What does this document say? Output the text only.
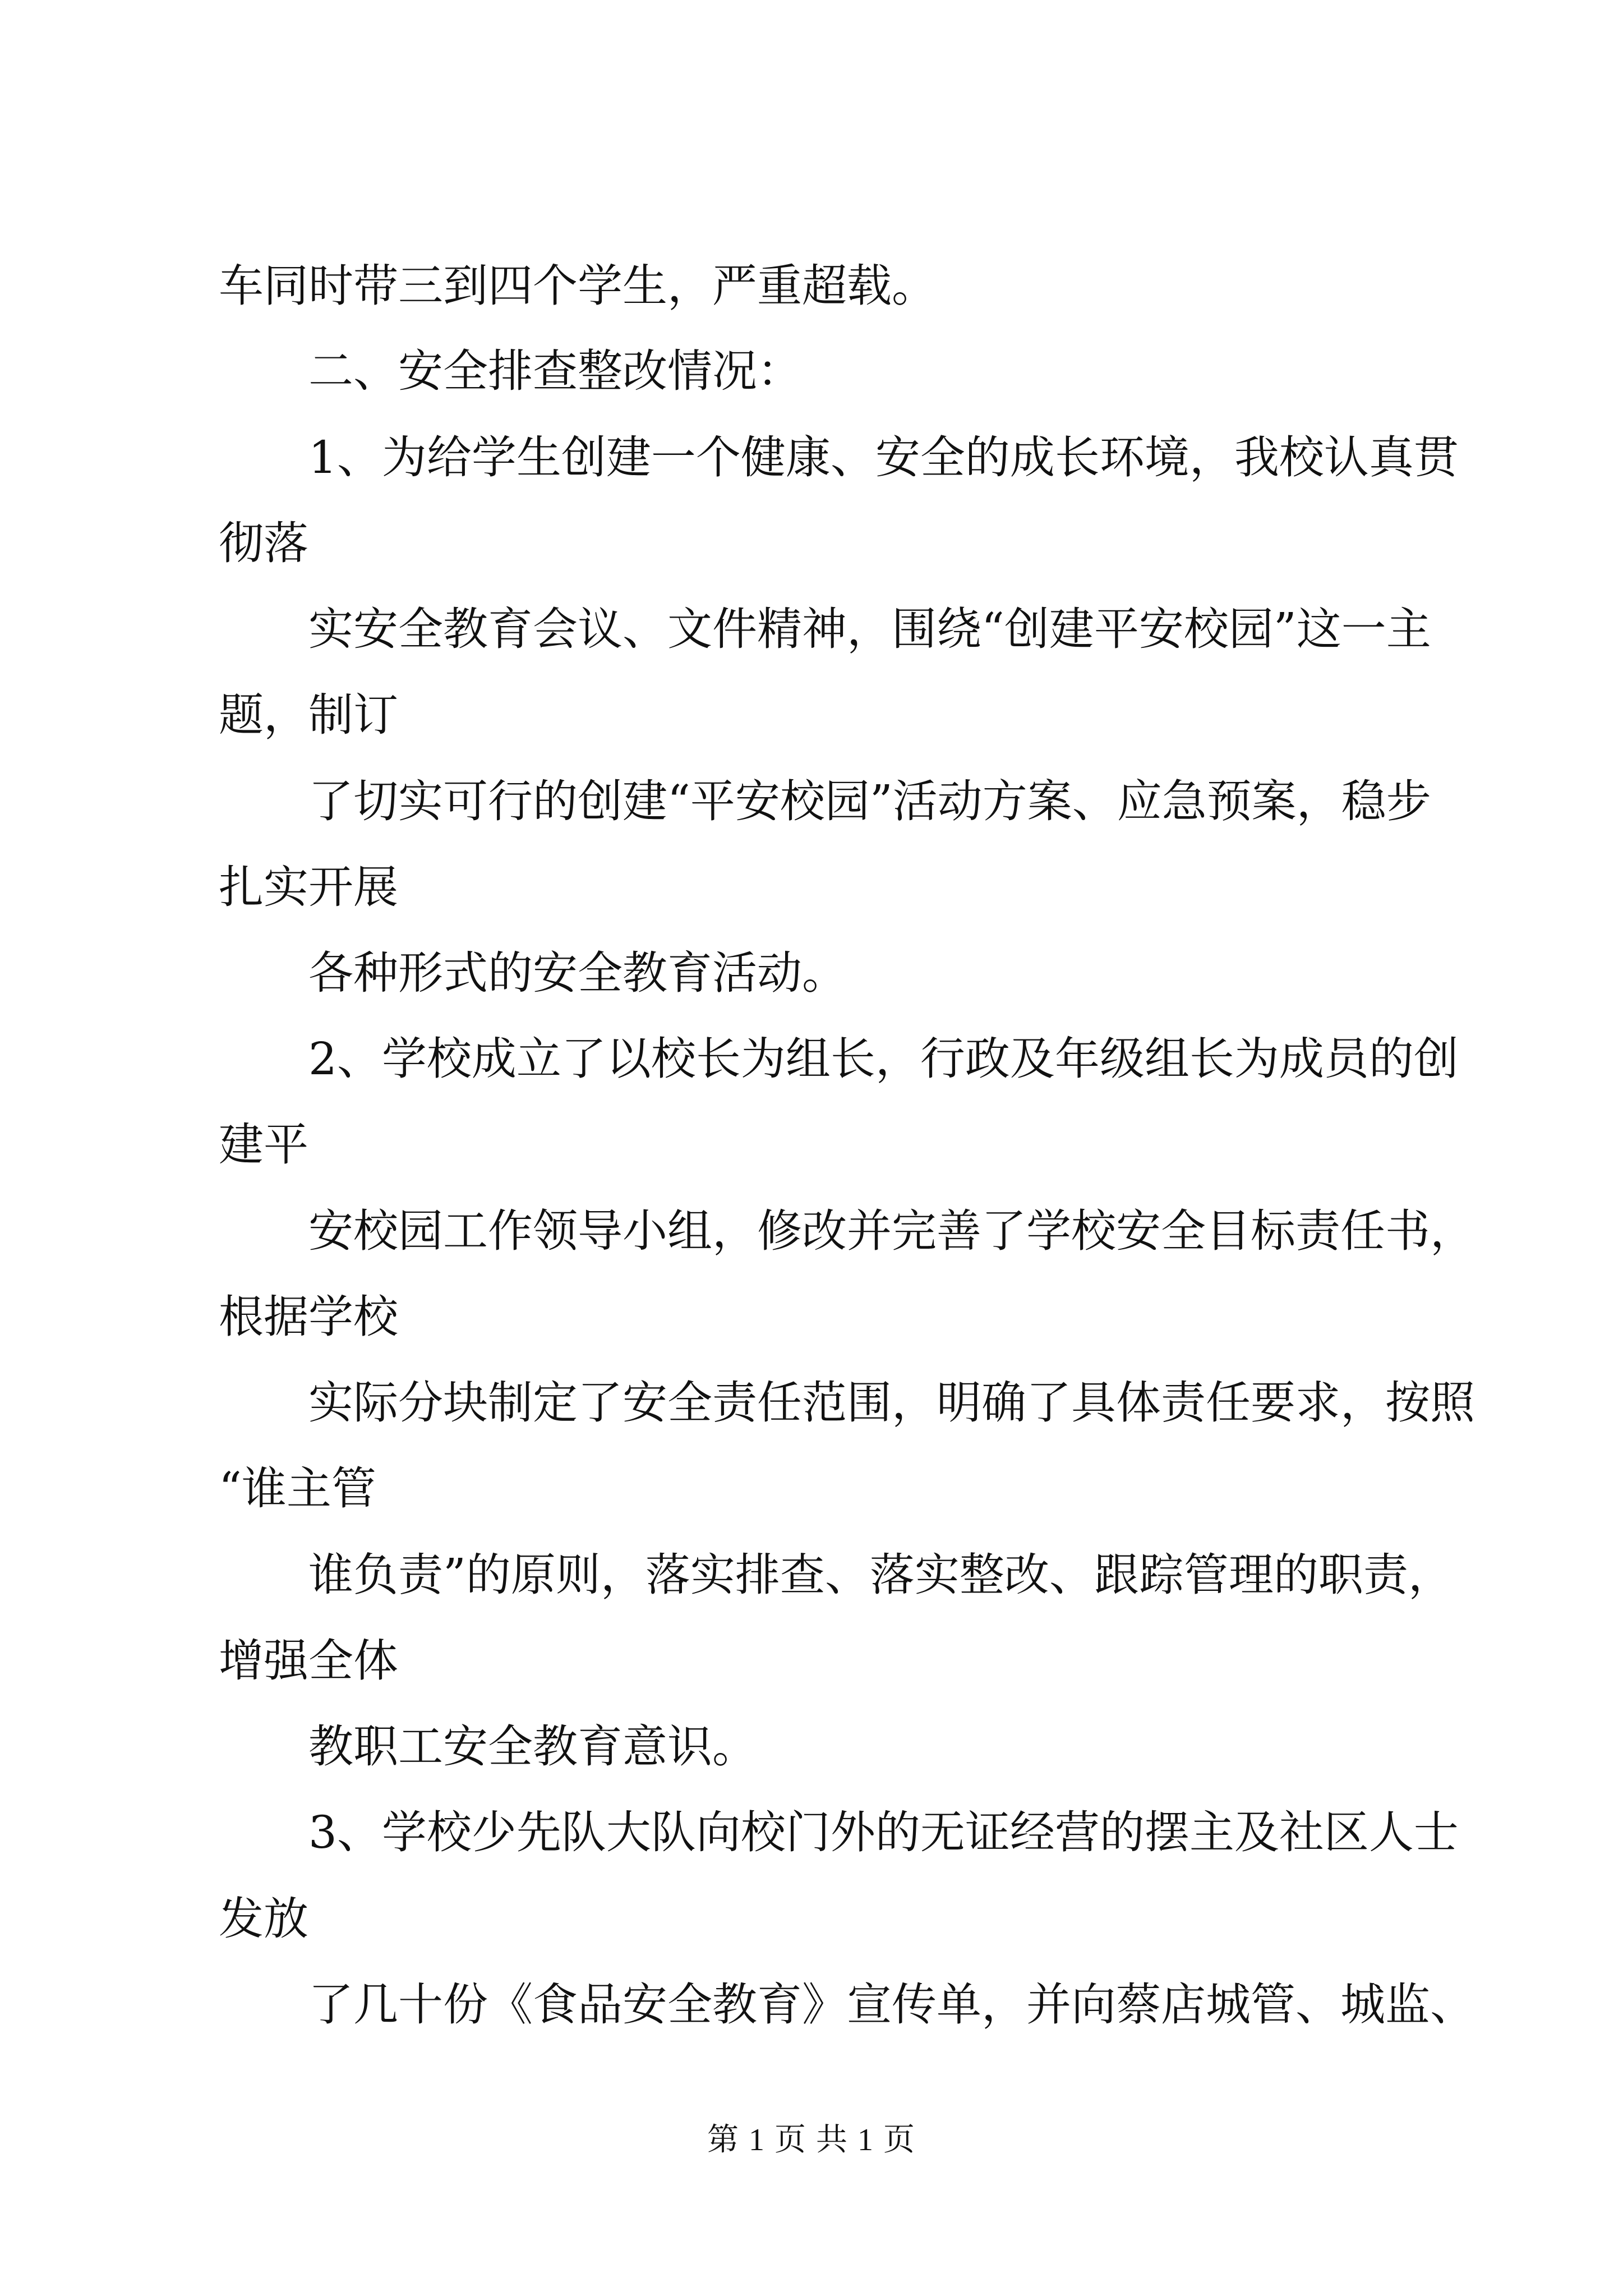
车同时带三到四个学生，严重超载。
二、安全排查整改情况：
1、为给学生创建一个健康、安全的成长环境，我校认真贯
彻落
实安全教育会议、文件精神，围绕“创建平安校园”这一主
题，制订
了切实可行的创建“平安校园”活动方案、应急预案，稳步
扎实开展
各种形式的安全教育活动。
2、学校成立了以校长为组长，行政及年级组长为成员的创
建平
安校园工作领导小组，修改并完善了学校安全目标责任书，
根据学校
实际分块制定了安全责任范围，明确了具体责任要求，按照
“谁主管
谁负责”的原则，落实排查、落实整改、跟踪管理的职责，
增强全体
教职工安全教育意识。
3、学校少先队大队向校门外的无证经营的摆主及社区人士
发放
了几十份《食品安全教育》宣传单，并向蔡店城管、城监、
第 1 页 共 1 页
